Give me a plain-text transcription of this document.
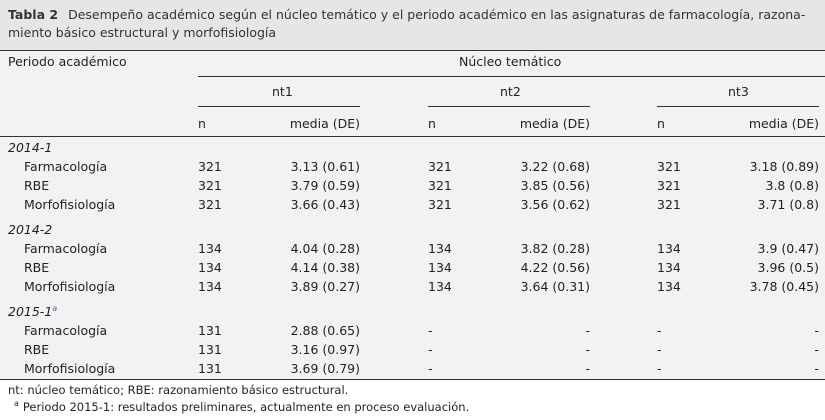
Tabla 2 Desempeño académico según el núcleo temático y el periodo académico en las asignaturas de farmacología, razona-miento básico estructural y morfofisiología
Periodo académico	Núcleo temático
nt1	nt2	nt3
n	media (DE)	n	media (DE)	n	media (DE)
2014-1
Farmacología	321	3.13 (0.61)	321	3.22 (0.68)	321	3.18 (0.89)
RBE	321	3.79 (0.59)	321	3.85 (0.56)	321	3.8 (0.8)
Morfofisiología	321	3.66 (0.43)	321	3.56 (0.62)	321	3.71 (0.8)
2014-2
Farmacología	134	4.04 (0.28)	134	3.82 (0.28)	134	3.9 (0.47)
RBE	134	4.14 (0.38)	134	4.22 (0.56)	134	3.96 (0.5)
Morfofisiología	134	3.89 (0.27)	134	3.64 (0.31)	134	3.78 (0.45)
2015-1$^a$
Farmacología	131	2.88 (0.65)	-	-	-	-
RBE	131	3.16 (0.97)	-	-	-	-
Morfofisiología	131	3.69 (0.79)	-	-	-	-
nt: núcleo temático; RBE: razonamiento básico estructural.
$^a$ Periodo 2015-1: resultados preliminares, actualmente en proceso evaluación.
